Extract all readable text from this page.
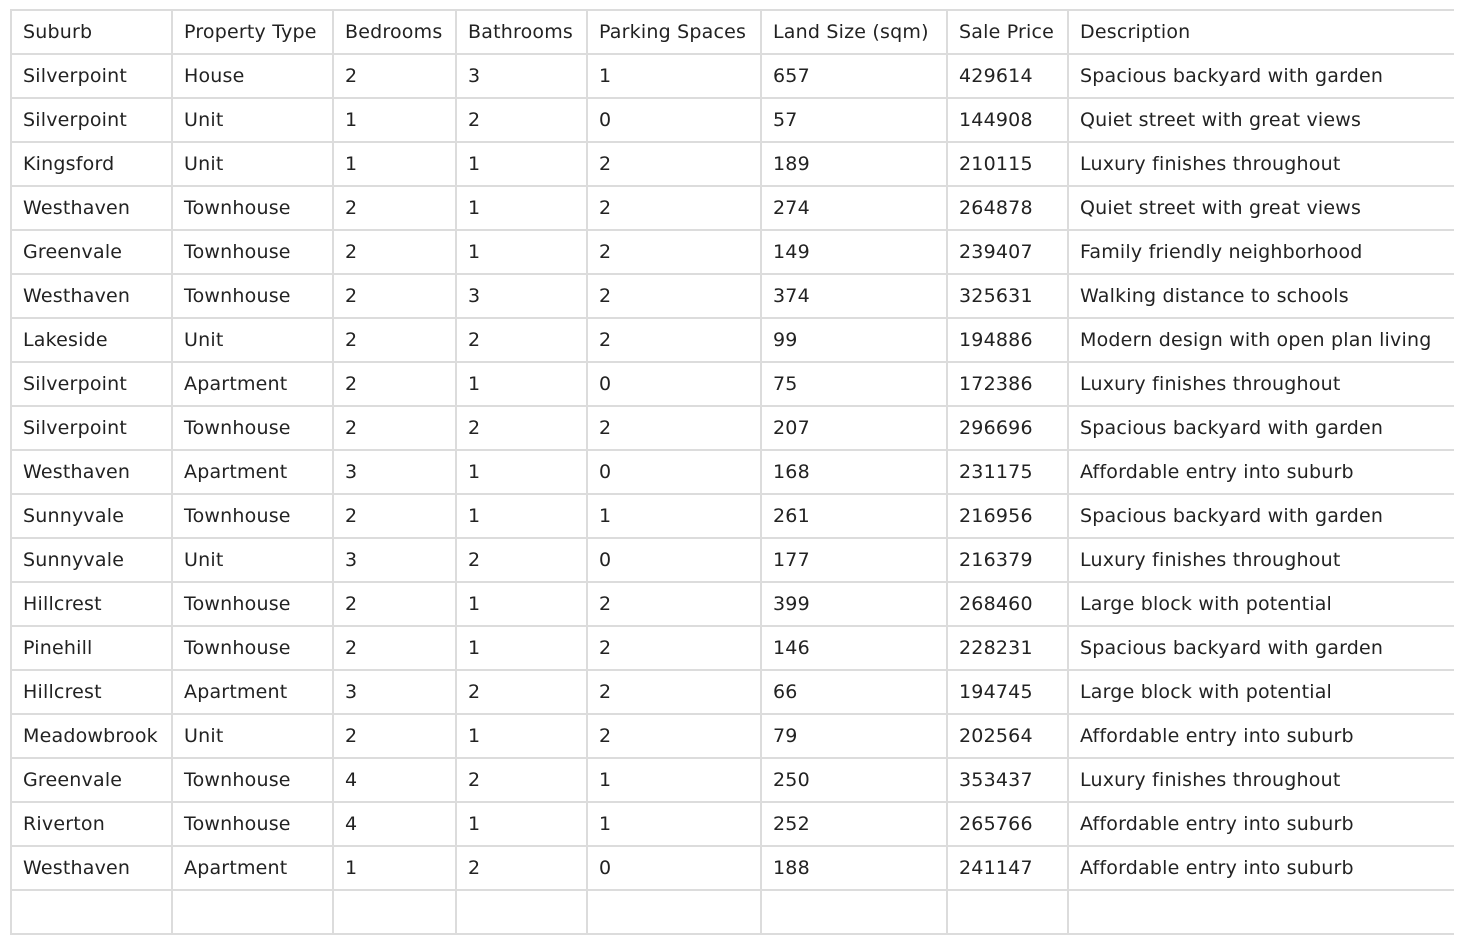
Suburb	Property Type	Bedrooms	Bathrooms	Parking Spaces	Land Size (sqm)	Sale Price	Description
Silverpoint	House	2	3	1	657	429614	Spacious backyard with garden
Silverpoint	Unit	1	2	0	57	144908	Quiet street with great views
Kingsford	Unit	1	1	2	189	210115	Luxury finishes throughout
Westhaven	Townhouse	2	1	2	274	264878	Quiet street with great views
Greenvale	Townhouse	2	1	2	149	239407	Family friendly neighborhood
Westhaven	Townhouse	2	3	2	374	325631	Walking distance to schools
Lakeside	Unit	2	2	2	99	194886	Modern design with open plan living
Silverpoint	Apartment	2	1	0	75	172386	Luxury finishes throughout
Silverpoint	Townhouse	2	2	2	207	296696	Spacious backyard with garden
Westhaven	Apartment	3	1	0	168	231175	Affordable entry into suburb
Sunnyvale	Townhouse	2	1	1	261	216956	Spacious backyard with garden
Sunnyvale	Unit	3	2	0	177	216379	Luxury finishes throughout
Hillcrest	Townhouse	2	1	2	399	268460	Large block with potential
Pinehill	Townhouse	2	1	2	146	228231	Spacious backyard with garden
Hillcrest	Apartment	3	2	2	66	194745	Large block with potential
Meadowbrook	Unit	2	1	2	79	202564	Affordable entry into suburb
Greenvale	Townhouse	4	2	1	250	353437	Luxury finishes throughout
Riverton	Townhouse	4	1	1	252	265766	Affordable entry into suburb
Westhaven	Apartment	1	2	0	188	241147	Affordable entry into suburb
